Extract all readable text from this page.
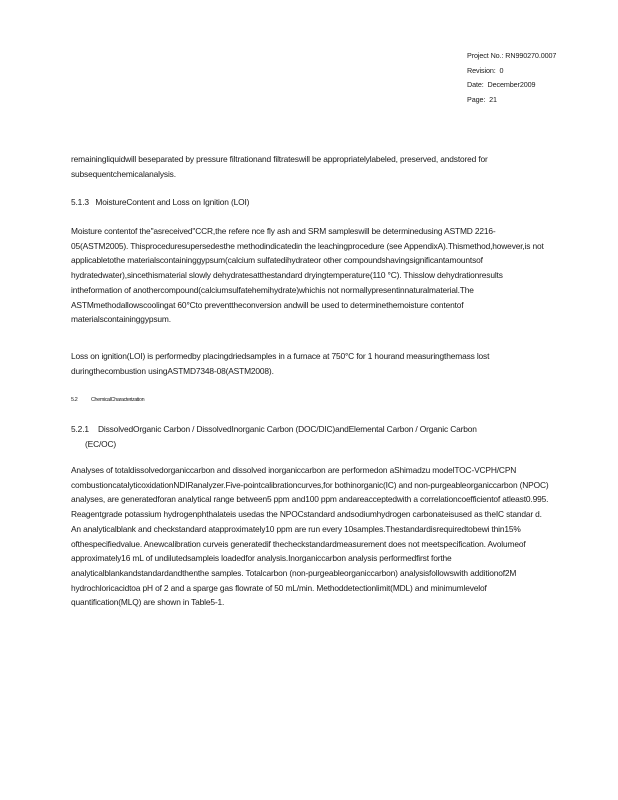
Project No.: RN990270.0007
Revision: 0
Date: December2009
Page: 21

remainingliquidwill beseparated by pressure filtrationand filtrateswill be appropriatelylabeled, preserved, andstored for subsequentchemicalanalysis.

5.1.3 MoistureContent and Loss on Ignition (LOI)

Moisture contentof the"asreceived"CCR,the refere nce fly ash and SRM sampleswill be determinedusing ASTMD 2216-05(ASTM2005). Thisproceduresupersedesthe methodindicatedin the leachingprocedure (see AppendixA).Thismethod,however,is not applicabletothe materialscontaininggypsum(calcium sulfatedihydrateor other compoundshavingsignificantamountsof hydratedwater),sincethismaterial slowly dehydratesatthestandard dryingtemperature(110 °C). Thisslow dehydrationresults intheformation of anothercompound(calciumsulfatehemihydrate)whichis not normallypresentinnaturalmaterial.The ASTMmethodallowscoolingat 60°Cto preventtheconversion andwill be used to determinethemoisture contentof materialscontaininggypsum.

Loss on ignition(LOI) is performedby placingdriedsamples in a furnace at 750°C for 1 hourand measuringthemass lost duringthecombustion usingASTMD7348-08(ASTM2008).

5.2	ChemicalCharacterization
5.2.1 DissolvedOrganic Carbon / DissolvedInorganic Carbon (DOC/DIC)andElemental Carbon / Organic Carbon
(EC/OC)

Analyses of totaldissolvedorganiccarbon and dissolved inorganiccarbon are performedon aShimadzu modelTOC-VCPH/CPN combustioncatalyticoxidationNDIRanalyzer.Five-pointcalibrationcurves,for bothinorganic(IC) and non-purgeableorganiccarbon (NPOC) analyses, are generatedforan analytical range between5 ppm and100 ppm andareacceptedwith a correlationcoefficientof atleast0.995. Reagentgrade potassium hydrogenphthalateis usedas the NPOCstandard andsodiumhydrogen carbonateisused as theIC standar d. An analyticalblank and checkstandard atapproximately10 ppm are run every 10samples.Thestandardisrequiredtobewi thin15% ofthespecifiedvalue. Anewcalibration curveis generatedif thecheckstandardmeasurement does not meetspecification. Avolumeof approximately16 mL of undilutedsampleis loadedfor analysis.Inorganiccarbon analysis performedfirst forthe analyticalblankandstandardandthenthe samples. Totalcarbon (non-purgeableorganiccarbon) analysisfollowswith additionof2M hydrochloricacidtoa pH of 2 and a sparge gas flowrate of 50 mL/min. Methoddetectionlimit(MDL) and minimumlevelof quantification(MLQ) are shown in Table5-1.
